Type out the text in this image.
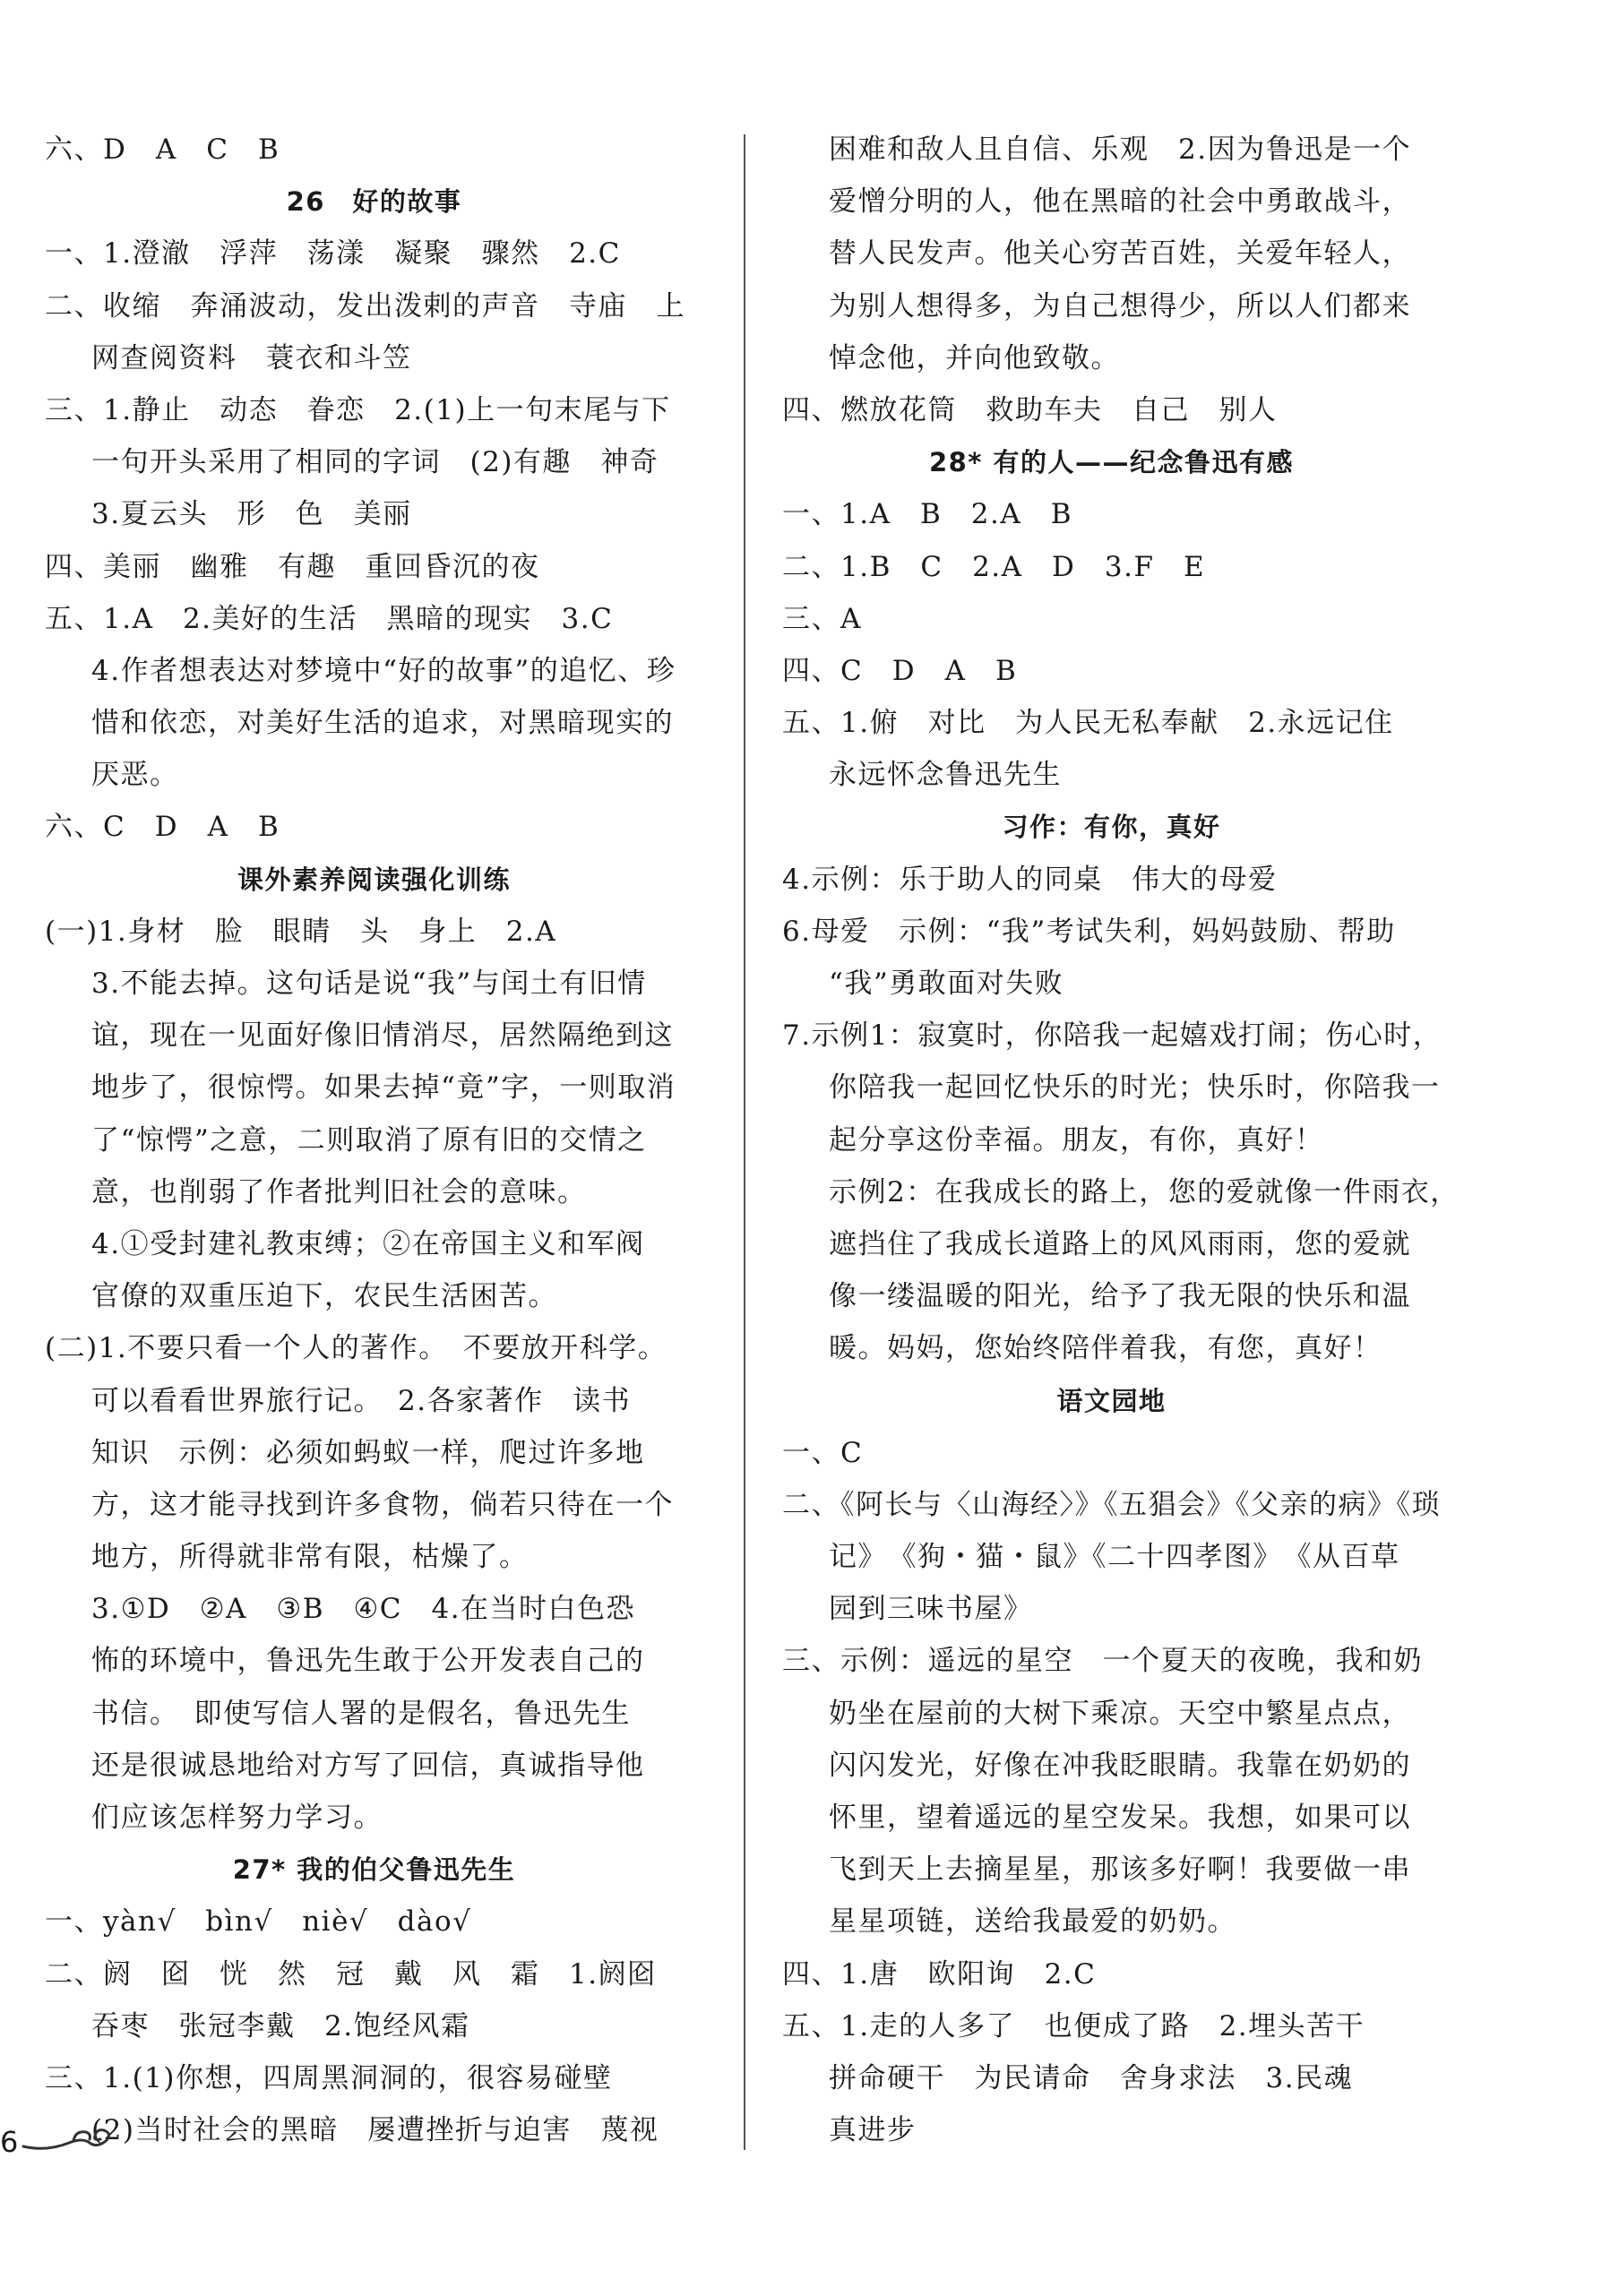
六、D　A　C　B
26　好的故事
一、1.澄澈　浮萍　荡漾　凝聚　骤然　2.C
二、收缩　奔涌波动，发出泼剌的声音　寺庙　上
网查阅资料　蓑衣和斗笠
三、1.静止　动态　眷恋　2.(1)上一句末尾与下
一句开头采用了相同的字词　(2)有趣　神奇
3.夏云头　形　色　美丽
四、美丽　幽雅　有趣　重回昏沉的夜
五、1.A　2.美好的生活　黑暗的现实　3.C
4.作者想表达对梦境中“好的故事”的追忆、珍
惜和依恋，对美好生活的追求，对黑暗现实的
厌恶。
六、C　D　A　B
课外素养阅读强化训练
(一)1.身材　脸　眼睛　头　身上　2.A
3.不能去掉。这句话是说“我”与闰土有旧情
谊，现在一见面好像旧情消尽，居然隔绝到这
地步了，很惊愕。如果去掉“竟”字，一则取消
了“惊愕”之意，二则取消了原有旧的交情之
意，也削弱了作者批判旧社会的意味。
4.①受封建礼教束缚；②在帝国主义和军阀
官僚的双重压迫下，农民生活困苦。
(二)1.不要只看一个人的著作。　不要放开科学。
可以看看世界旅行记。　2.各家著作　读书
知识　示例：必须如蚂蚁一样，爬过许多地
方，这才能寻找到许多食物，倘若只待在一个
地方，所得就非常有限，枯燥了。
3.①D　②A　③B　④C　4.在当时白色恐
怖的环境中，鲁迅先生敢于公开发表自己的
书信。　即使写信人署的是假名，鲁迅先生
还是很诚恳地给对方写了回信，真诚指导他
们应该怎样努力学习。
27* 我的伯父鲁迅先生
一、yàn√　bìn√　niè√　dào√
二、阏　囵　恍　然　冠　戴　风　霜　1.阏囵
吞枣　张冠李戴　2.饱经风霜
三、1.(1)你想，四周黑洞洞的，很容易碰壁
(2)当时社会的黑暗　屡遭挫折与迫害　蔑视
困难和敌人且自信、乐观　2.因为鲁迅是一个
爱憎分明的人，他在黑暗的社会中勇敢战斗，
替人民发声。他关心穷苦百姓，关爱年轻人，
为别人想得多，为自己想得少，所以人们都来
悼念他，并向他致敬。
四、燃放花筒　救助车夫　自己　别人
28* 有的人——纪念鲁迅有感
一、1.A　B　2.A　B
二、1.B　C　2.A　D　3.F　E
三、A
四、C　D　A　B
五、1.俯　对比　为人民无私奉献　2.永远记住
永远怀念鲁迅先生
习作：有你，真好
4.示例：乐于助人的同桌　伟大的母爱
6.母爱　示例：“我”考试失利，妈妈鼓励、帮助
“我”勇敢面对失败
7.示例1：寂寞时，你陪我一起嬉戏打闹；伤心时，
你陪我一起回忆快乐的时光；快乐时，你陪我一
起分享这份幸福。朋友，有你，真好！
示例2：在我成长的路上，您的爱就像一件雨衣，
遮挡住了我成长道路上的风风雨雨，您的爱就
像一缕温暖的阳光，给予了我无限的快乐和温
暖。妈妈，您始终陪伴着我，有您，真好！
语文园地
一、C
二、《阿长与〈山海经〉》《五猖会》《父亲的病》《琐
记》　《狗・猫・鼠》《二十四孝图》　《从百草
园到三味书屋》
三、示例：遥远的星空　一个夏天的夜晚，我和奶
奶坐在屋前的大树下乘凉。天空中繁星点点，
闪闪发光，好像在冲我眨眼睛。我靠在奶奶的
怀里，望着遥远的星空发呆。我想，如果可以
飞到天上去摘星星，那该多好啊！我要做一串
星星项链，送给我最爱的奶奶。
四、1.唐　欧阳询　2.C
五、1.走的人多了　也便成了路　2.埋头苦干
拼命硬干　为民请命　舍身求法　3.民魂
真进步
6
